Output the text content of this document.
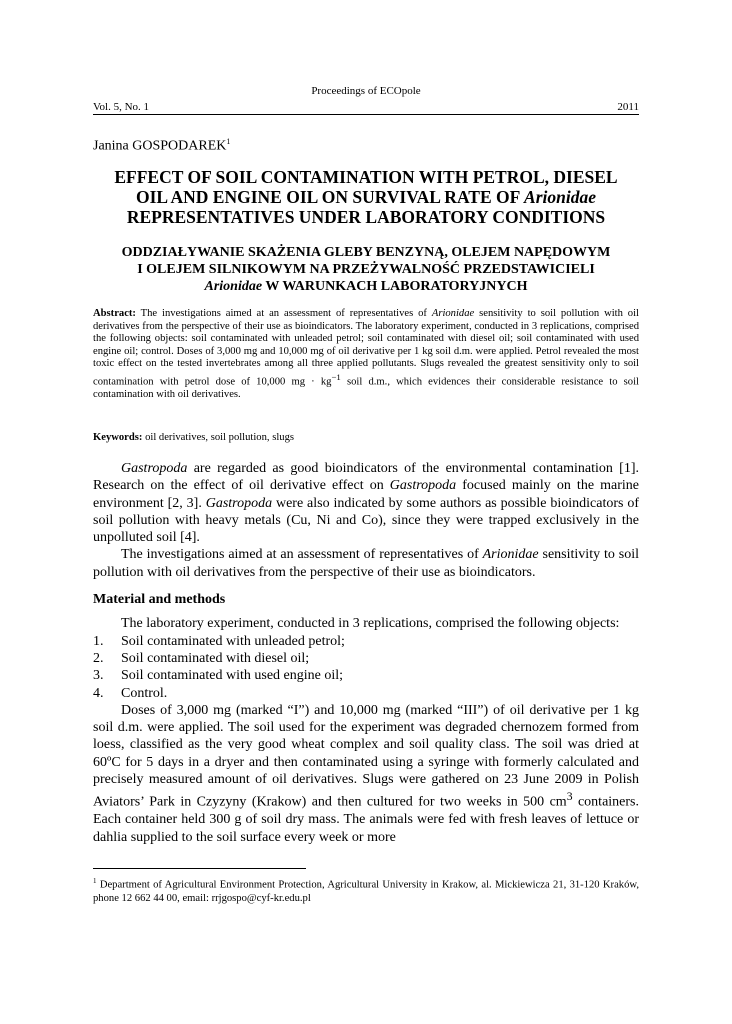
Proceedings of ECOpole
Vol. 5, No. 1	2011
Janina GOSPODAREK$^1$
EFFECT OF SOIL CONTAMINATION WITH PETROL, DIESEL
OIL AND ENGINE OIL ON SURVIVAL RATE OF Arionidae
REPRESENTATIVES UNDER LABORATORY CONDITIONS
ODDZIAŁYWANIE SKAŻENIA GLEBY BENZYNĄ, OLEJEM NAPĘDOWYM
I OLEJEM SILNIKOWYM NA PRZEŻYWALNOŚĆ PRZEDSTAWICIELI
Arionidae W WARUNKACH LABORATORYJNYCH
Abstract: The investigations aimed at an assessment of representatives of Arionidae sensitivity to soil pollution with oil derivatives from the perspective of their use as bioindicators. The laboratory experiment, conducted in 3 replications, comprised the following objects: soil contaminated with unleaded petrol; soil contaminated with diesel oil; soil contaminated with used engine oil; control. Doses of 3,000 mg and 10,000 mg of oil derivative per 1 kg soil d.m. were applied. Petrol revealed the most toxic effect on the tested invertebrates among all three applied pollutants. Slugs revealed the greatest sensitivity only to soil contamination with petrol dose of 10,000 mg · $kg^{-1}$ soil d.m., which evidences their considerable resistance to soil contamination with oil derivatives.
Keywords: oil derivatives, soil pollution, slugs

Gastropoda are regarded as good bioindicators of the environmental contamination [1]. Research on the effect of oil derivative effect on Gastropoda focused mainly on the marine environment [2, 3]. Gastropoda were also indicated by some authors as possible bioindicators of soil pollution with heavy metals (Cu, Ni and Co), since they were trapped exclusively in the unpolluted soil [4].

The investigations aimed at an assessment of representatives of Arionidae sensitivity to soil pollution with oil derivatives from the perspective of their use as bioindicators.

Material and methods

The laboratory experiment, conducted in 3 replications, comprised the following objects:

1.	Soil contaminated with unleaded petrol;
2.	Soil contaminated with diesel oil;
3.	Soil contaminated with used engine oil;
4.	Control.

Doses of 3,000 mg (marked “I”) and 10,000 mg (marked “III”) of oil derivative per 1 kg soil d.m. were applied. The soil used for the experiment was degraded chernozem formed from loess, classified as the very good wheat complex and soil quality class. The soil was dried at 60ºC for 5 days in a dryer and then contaminated using a syringe with formerly calculated and precisely measured amount of oil derivatives. Slugs were gathered on 23 June 2009 in Polish Aviators’ Park in Czyzyny (Krakow) and then cultured for two weeks in 500 $cm^3$ containers. Each container held 300 g of soil dry mass. The animals were fed with fresh leaves of lettuce or dahlia supplied to the soil surface every week or more

$^1$ Department of Agricultural Environment Protection, Agricultural University in Krakow, al. Mickiewicza 21, 31-120 Kraków, phone 12 662 44 00, email: rrjgospo@cyf-kr.edu.pl
